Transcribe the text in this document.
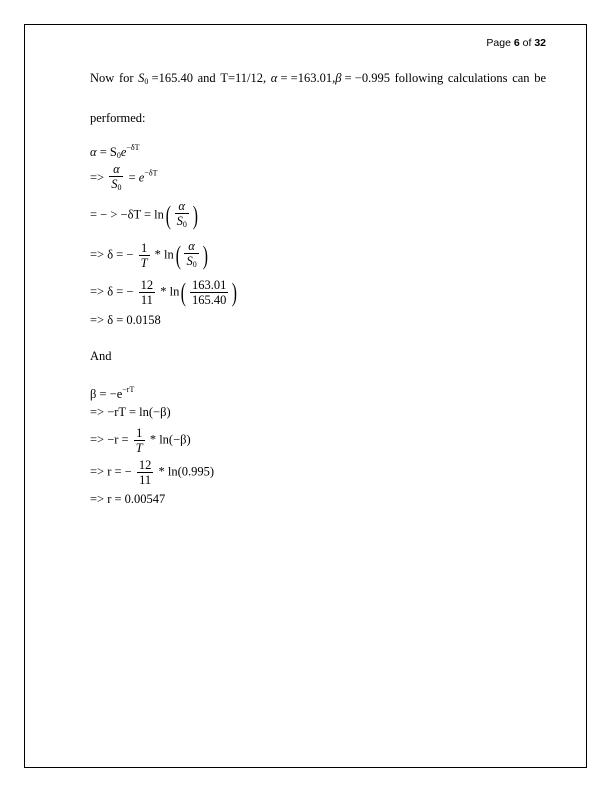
Page 6 of 32
Now for $S_0 =165.40$ and T=11/12, α = =163.01,β = −0.995 following calculations can be
performed:
$\alpha = S_0e^{-\delta T}$
=> $\frac{\alpha}{S_0} = e^{-\delta T}$
= − > $-\delta T = \ln( \frac{\alpha}{S_0}$ )
=> δ = − $\frac{1}{T} * \ln( \frac{\alpha}{S_0}$ )
=> δ = − $\frac{12}{11} * \ln( \frac{163.01}{165.40}$ )
=> δ = 0.0158
And
$\beta = -e^{-rT}$
=> −rT = ln(−β)
=> $-r = \frac{1}{T} * \ln(-\beta)$
=> r = − $\frac{12}{11} * \ln(0.995)$
=> r = 0.00547
